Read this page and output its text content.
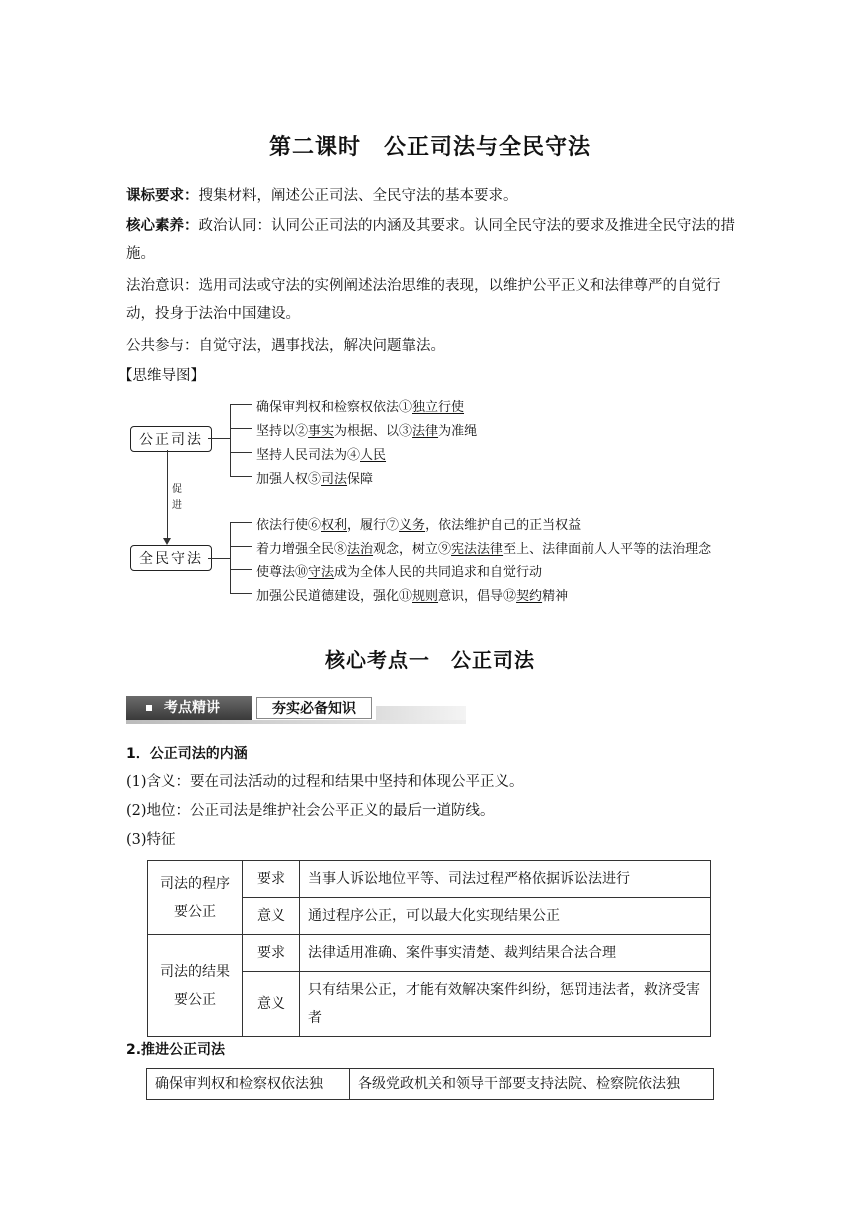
第二课时　公正司法与全民守法
课标要求：搜集材料，阐述公正司法、全民守法的基本要求。
核心素养：政治认同：认同公正司法的内涵及其要求。认同全民守法的要求及推进全民守法的措施。
法治意识：选用司法或守法的实例阐述法治思维的表现，以维护公平正义和法律尊严的自觉行动，投身于法治中国建设。
公共参与：自觉守法，遇事找法，解决问题靠法。
【思维导图】
公正司法
全民守法
促进
确保审判权和检察权依法①独立行使
坚持以②事实为根据、以③法律为准绳
坚持人民司法为④人民
加强人权⑤司法保障
依法行使⑥权利，履行⑦义务，依法维护自己的正当权益
着力增强全民⑧法治观念，树立⑨宪法法律至上、法律面前人人平等的法治理念
使尊法⑩守法成为全体人民的共同追求和自觉行动
加强公民道德建设，强化⑪规则意识，倡导⑫契约精神
核心考点一　公正司法
考点精讲	夯实必备知识
1．公正司法的内涵
(1)含义：要在司法活动的过程和结果中坚持和体现公平正义。
(2)地位：公正司法是维护社会公平正义的最后一道防线。
(3)特征
司法的程序要公正	要求	当事人诉讼地位平等、司法过程严格依据诉讼法进行
	意义	通过程序公正，可以最大化实现结果公正
司法的结果要公正	要求	法律适用准确、案件事实清楚、裁判结果合法合理
	意义	只有结果公正，才能有效解决案件纠纷，惩罚违法者，救济受害者
2.推进公正司法
确保审判权和检察权依法独	各级党政机关和领导干部要支持法院、检察院依法独
